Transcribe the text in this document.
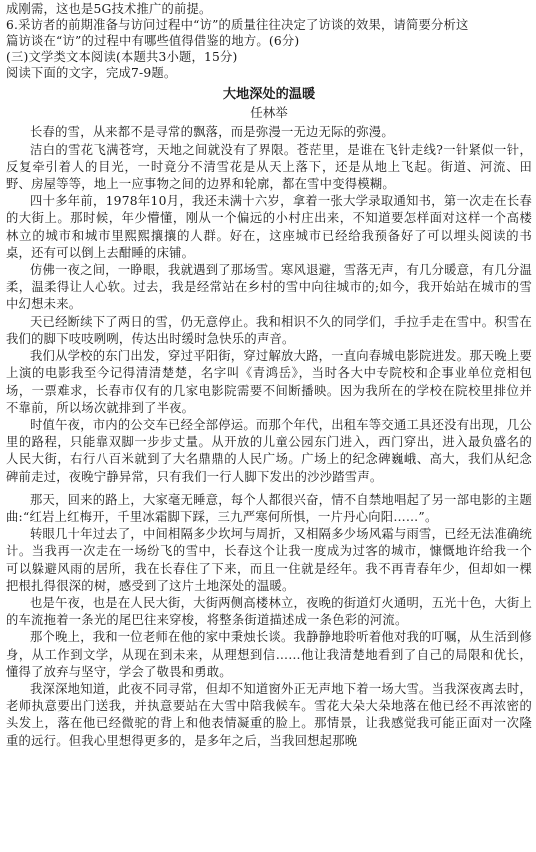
成刚需，这也是5G技术推广的前提。
6.采访者的前期准备与访问过程中“访”的质量往往决定了访谈的效果，请简要分析这
篇访谈在“访”的过程中有哪些值得借鉴的地方。(6分)
(三)文学类文本阅读(本题共3小题，15分)
阅读下面的文字，完成7-9题。
大地深处的温暖
任林举
长春的雪，从来都不是寻常的飘落，而是弥漫一无边无际的弥漫。
洁白的雪花飞满苍穹，天地之间就没有了界限。苍茫里，是谁在飞针走线?一针紧似一针，反复牵引着人的目光，一时竟分不清雪花是从天上落下，还是从地上飞起。街道、河流、田野、房屋等等，地上一应事物之间的边界和轮廓，都在雪中变得模糊。
四十多年前，1978年10月，我还未满十六岁，拿着一张大学录取通知书，第一次走在长春的大街上。那时候，年少懵懂，刚从一个偏远的小村庄出来，不知道要怎样面对这样一个高楼林立的城市和城市里熙熙攘攘的人群。好在，这座城市已经给我预备好了可以埋头阅读的书桌，还有可以倒上去酣睡的床铺。
仿佛一夜之间，一睁眼，我就遇到了那场雪。寒风退避，雪落无声，有几分暖意，有几分温柔，温柔得让人心软。过去，我是经常站在乡村的雪中向往城市的;如今，我开始站在城市的雪中幻想未来。
天已经断续下了两日的雪，仍无意停止。我和相识不久的同学们，手拉手走在雪中。积雪在我们的脚下吱吱咧咧，传达出时缓时急快乐的声音。
我们从学校的东门出发，穿过平阳街，穿过解放大路，一直向春城电影院进发。那天晚上要上演的电影我至今记得清清楚楚，名字叫《青鸿岳》，当时各大中专院校和企事业单位竞相包场，一票难求，长春市仅有的几家电影院需要不间断播映。因为我所在的学校在院校里排位并不靠前，所以场次就排到了半夜。
时值午夜，市内的公交车已经全部停运。而那个年代，出租车等交通工具还没有出现，几公里的路程，只能靠双脚一步步丈量。从开放的儿童公园东门进入，西门穿出，进入最负盛名的人民大街，右行八百米就到了大名鼎鼎的人民广场。广场上的纪念碑巍峨、高大，我们从纪念碑前走过，夜晚宁静异常，只有我们一行人脚下发出的沙沙踏雪声。
那天，回来的路上，大家毫无睡意，每个人都很兴奋，情不自禁地唱起了另一部电影的主题曲:“红岩上红梅开，千里冰霜脚下踩，三九严寒何所惧，一片丹心向阳……”。
转眼几十年过去了，中间相隔多少坎坷与周折，又相隔多少场风霜与雨雪，已经无法准确统计。当我再一次走在一场纷飞的雪中，长春这个让我一度成为过客的城市，慷慨地许给我一个可以躲避风雨的居所，我在长春住了下来，而且一住就是经年。我不再青春年少，但却如一棵把根扎得很深的树，感受到了这片土地深处的温暖。
也是午夜，也是在人民大街，大街两侧高楼林立，夜晚的街道灯火通明，五光十色，大街上的车流拖着一条光的尾巴往来穿梭，将整条街道描述成一条色彩的河流。
那个晚上，我和一位老师在他的家中秉烛长谈。我静静地聆听着他对我的叮嘱，从生活到修身，从工作到文学，从现在到未来，从理想到信……他让我清楚地看到了自己的局限和优长，懂得了放弃与坚守，学会了敬畏和勇敢。
我深深地知道，此夜不同寻常，但却不知道窗外正无声地下着一场大雪。当我深夜离去时，老师执意要出门送我，并执意要站在大雪中陪我候车。雪花大朵大朵地落在他已经不再浓密的头发上，落在他已经微驼的背上和他表情凝重的脸上。那情景，让我感觉我可能正面对一次隆重的远行。但我心里想得更多的，是多年之后，当我回想起那晚
